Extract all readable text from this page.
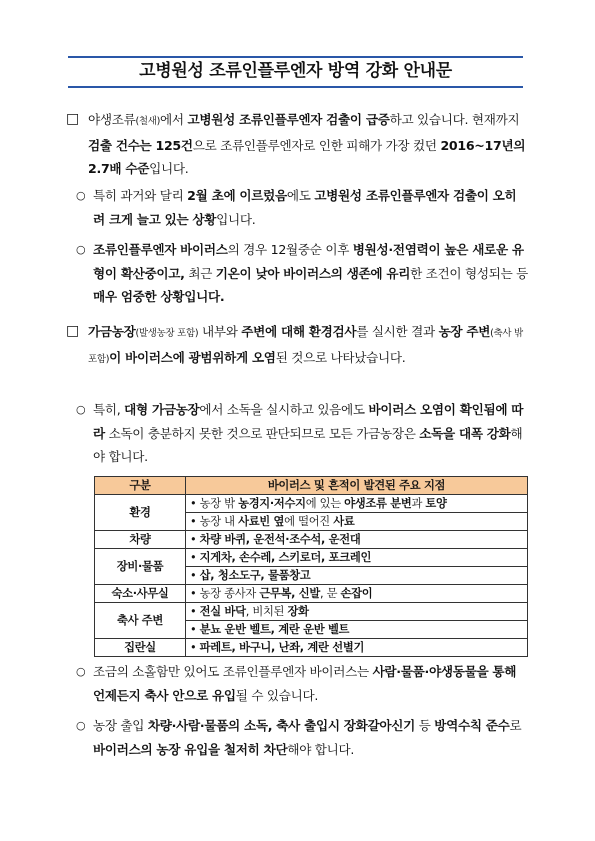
고병원성 조류인플루엔자 방역 강화 안내문
□ 야생조류(철새)에서 고병원성 조류인플루엔자 검출이 급증하고 있습니다. 현재까지 검출 건수는 125건으로 조류인플루엔자로 인한 피해가 가장 컸던 2016~17년의 2.7배 수준입니다.
○ 특히 과거와 달리 2월 초에 이르렀음에도 고병원성 조류인플루엔자 검출이 오히려 크게 늘고 있는 상황입니다.
○ 조류인플루엔자 바이러스의 경우 12월중순 이후 병원성·전염력이 높은 새로운 유형이 확산중이고, 최근 기온이 낮아 바이러스의 생존에 유리한 조건이 형성되는 등 매우 엄중한 상황입니다.
□ 가금농장(발생농장 포함) 내부와 주변에 대해 환경검사를 실시한 결과 농장 주변(축사 밖 포함)이 바이러스에 광범위하게 오염된 것으로 나타났습니다.
○ 특히, 대형 가금농장에서 소독을 실시하고 있음에도 바이러스 오염이 확인됨에 따라 소독이 충분하지 못한 것으로 판단되므로 모든 가금농장은 소독을 대폭 강화해야 합니다.
구분	바이러스 및 흔적이 발견된 주요 지점
환경	• 농장 밖 농경지·저수지에 있는 야생조류 분변과 토양
	• 농장 내 사료빈 옆에 떨어진 사료
차량	• 차량 바퀴, 운전석·조수석, 운전대
장비·물품	• 지게차, 손수레, 스키로더, 포크레인
	• 삽, 청소도구, 물품창고
숙소·사무실	• 농장 종사자 근무복, 신발, 문 손잡이
축사 주변	• 전실 바닥, 비치된 장화
	• 분뇨 운반 벨트, 계란 운반 벨트
집란실	• 파레트, 바구니, 난좌, 계란 선별기
○ 조금의 소홀함만 있어도 조류인플루엔자 바이러스는 사람·물품·야생동물을 통해 언제든지 축사 안으로 유입될 수 있습니다.
○ 농장 출입 차량·사람·물품의 소독, 축사 출입시 장화갈아신기 등 방역수칙 준수로 바이러스의 농장 유입을 철저히 차단해야 합니다.
